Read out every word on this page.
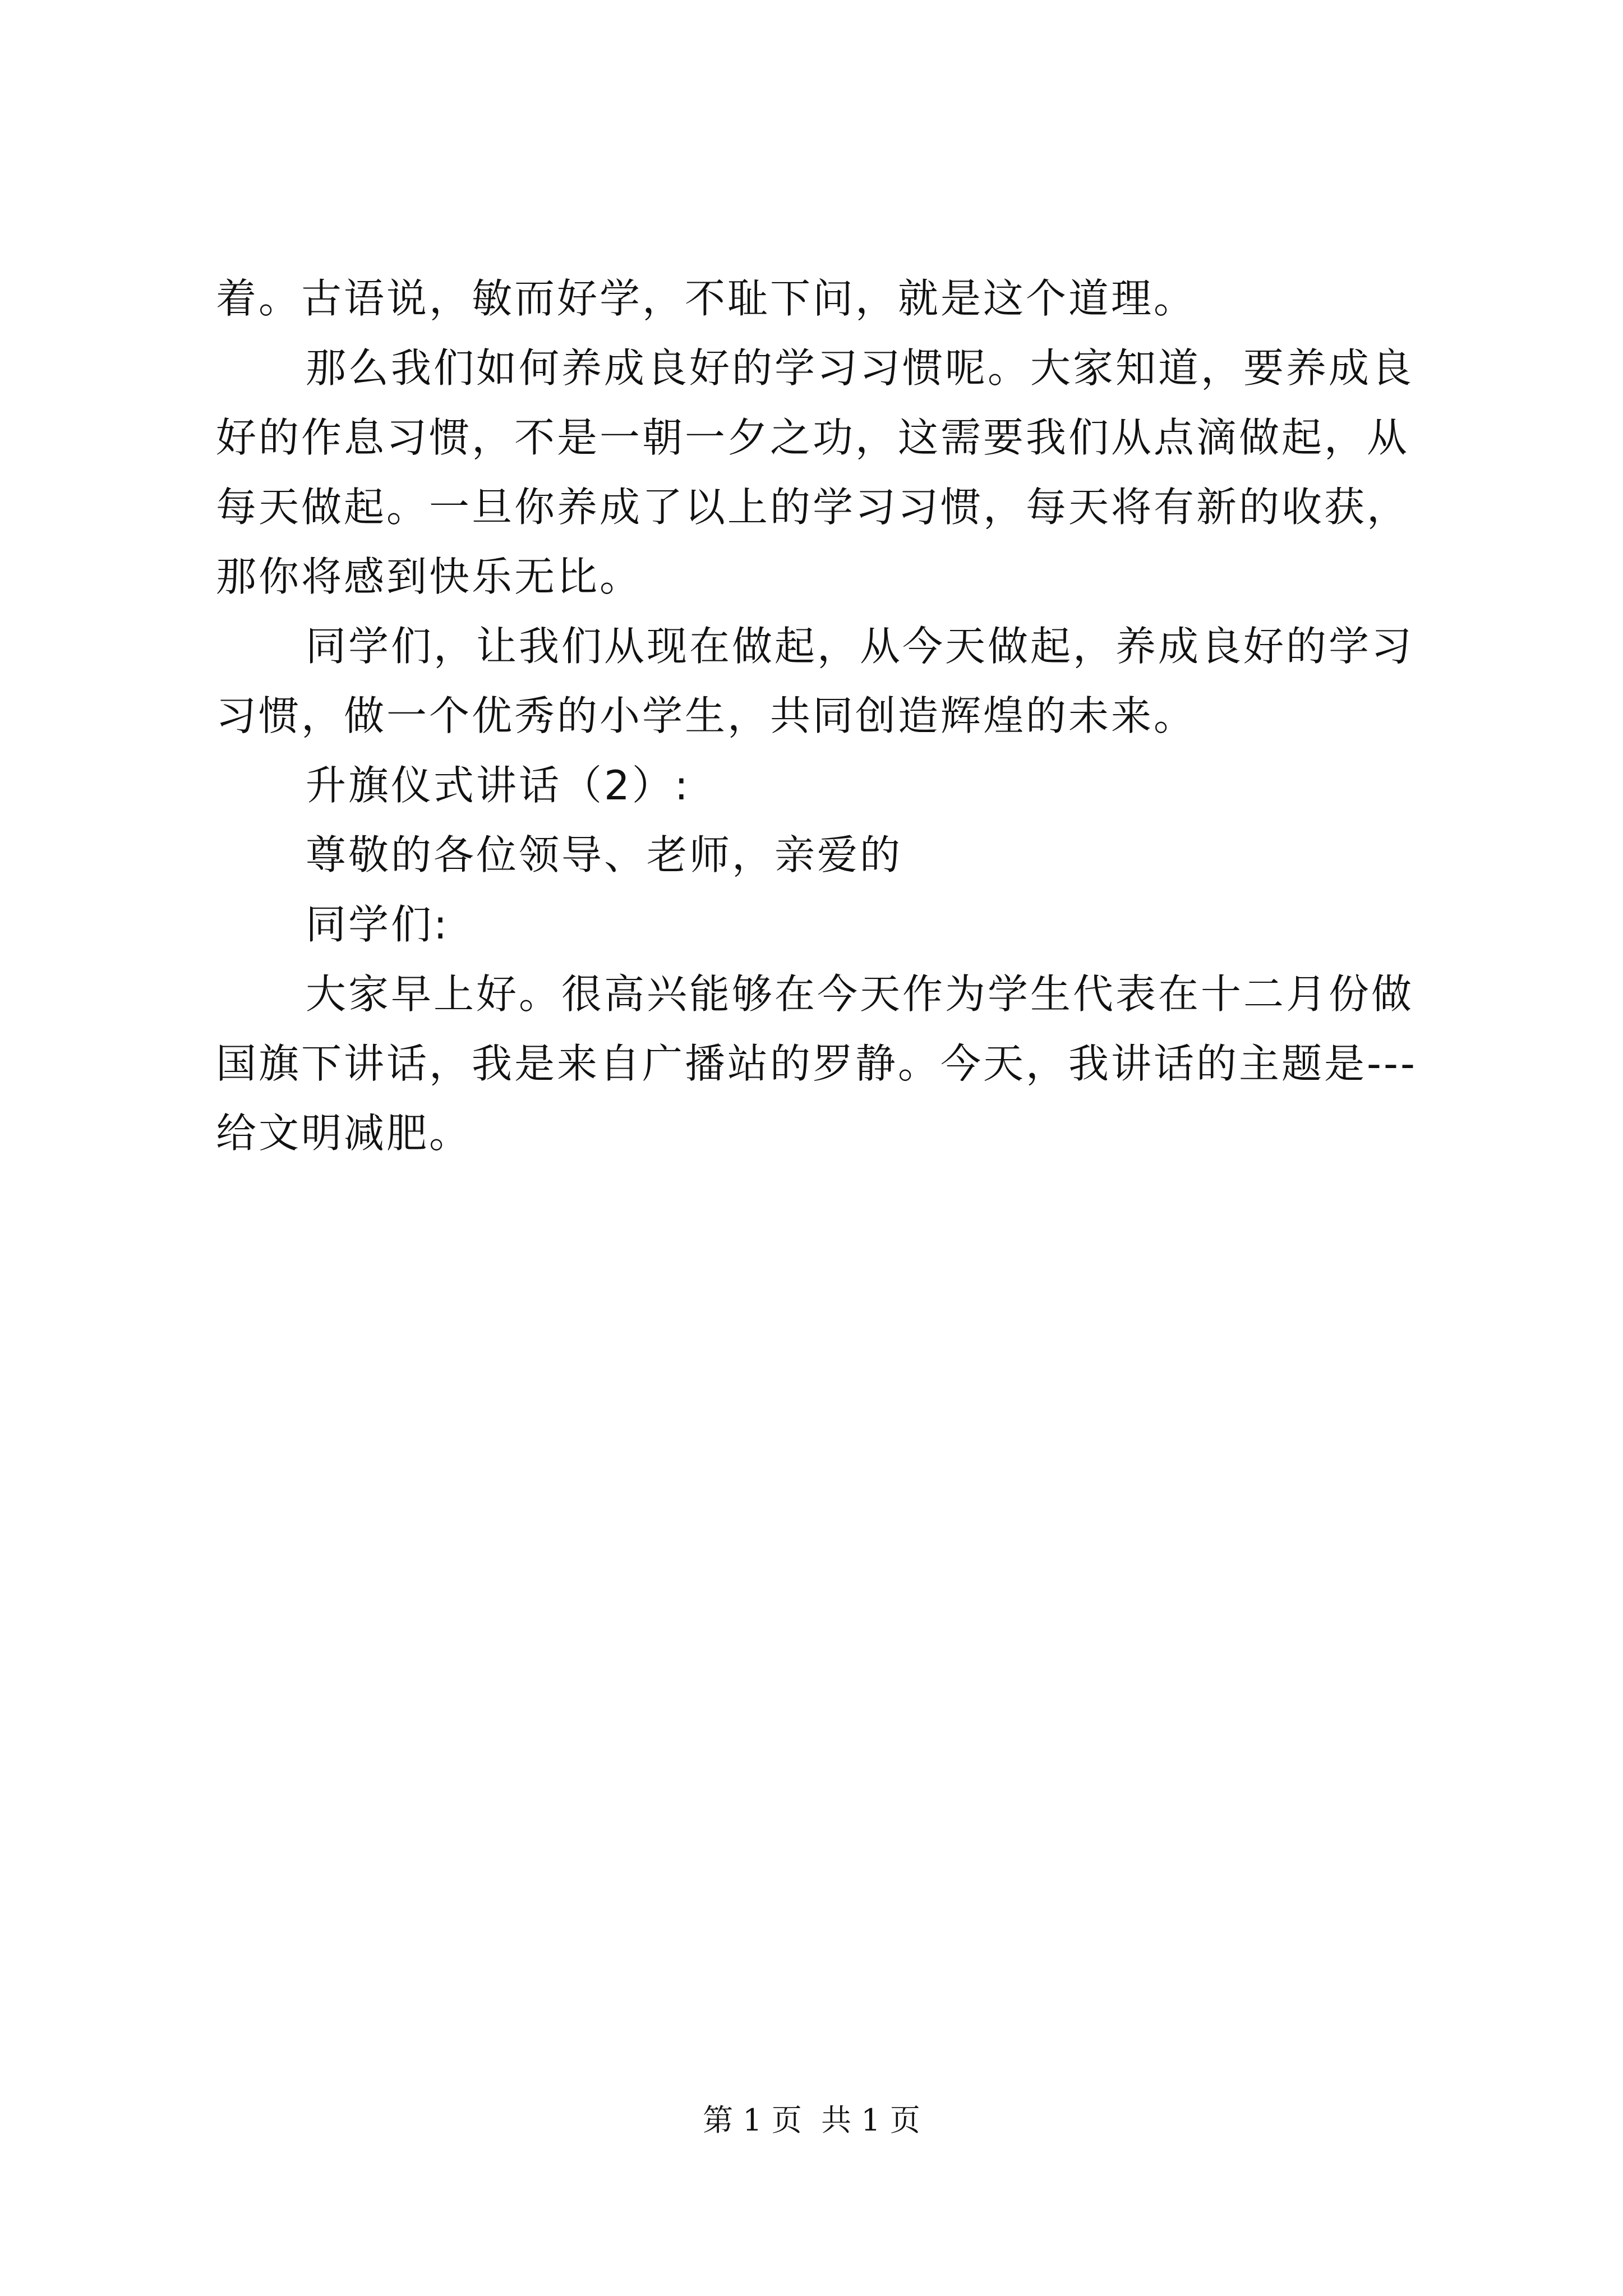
着。古语说，敏而好学，不耻下问，就是这个道理。
那么我们如何养成良好的学习习惯呢。大家知道，要养成良
好的作息习惯，不是一朝一夕之功，这需要我们从点滴做起，从
每天做起。一旦你养成了以上的学习习惯，每天将有新的收获，
那你将感到快乐无比。
同学们，让我们从现在做起，从今天做起，养成良好的学习
习惯，做一个优秀的小学生，共同创造辉煌的未来。
升旗仪式讲话（2）:
尊敬的各位领导、老师，亲爱的
同学们:
大家早上好。很高兴能够在今天作为学生代表在十二月份做
国旗下讲话，我是来自广播站的罗静。今天，我讲话的主题是---
给文明减肥。
第 1 页  共 1 页
